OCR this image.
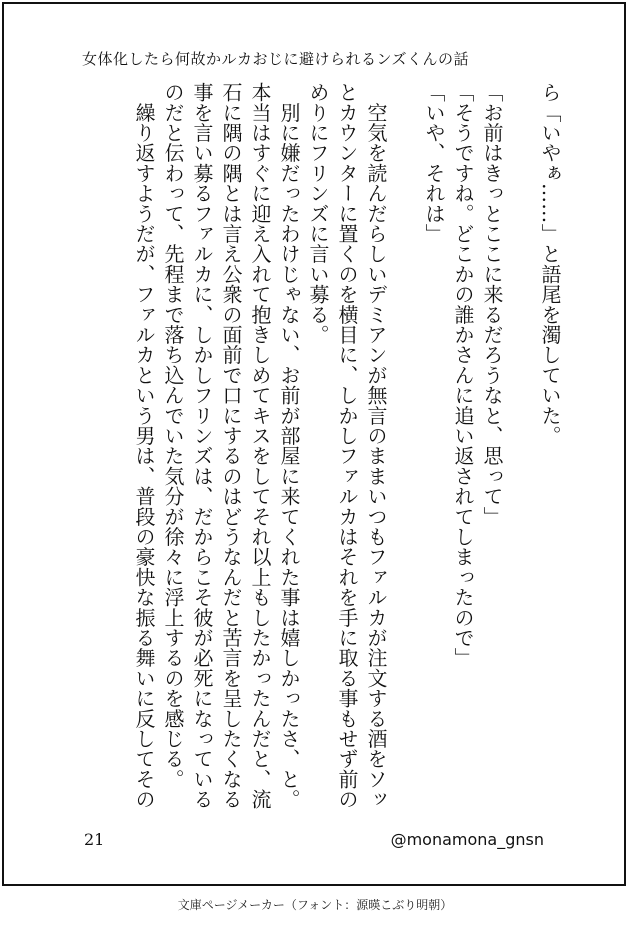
女体化したら何故かルカおじに避けられるンズくんの話
ら「いやぁ……」と語尾を濁していた。

「お前はきっとここに来るだろうなと、思って」
「そうですね。どこかの誰かさんに追い返されてしまったので」
「いや、それは」

　空気を読んだらしいデミアンが無言のままいつもファルカが注文する酒をソッ
とカウンターに置くのを横目に、しかしファルカはそれを手に取る事もせず前の
めりにフリンズに言い募る。
　別に嫌だったわけじゃない、お前が部屋に来てくれた事は嬉しかったさ、と。
本当はすぐに迎え入れて抱きしめてキスをしてそれ以上もしたかったんだと、流
石に隅の隅とは言え公衆の面前で口にするのはどうなんだと苦言を呈したくなる
事を言い募るファルカに、しかしフリンズは、だからこそ彼が必死になっている
のだと伝わって、先程まで落ち込んでいた気分が徐々に浮上するのを感じる。
　繰り返すようだが、ファルカという男は、普段の豪快な振る舞いに反してその
21	@monamona_gnsn
文庫ページメーカー（フォント：源暎こぶり明朝）
